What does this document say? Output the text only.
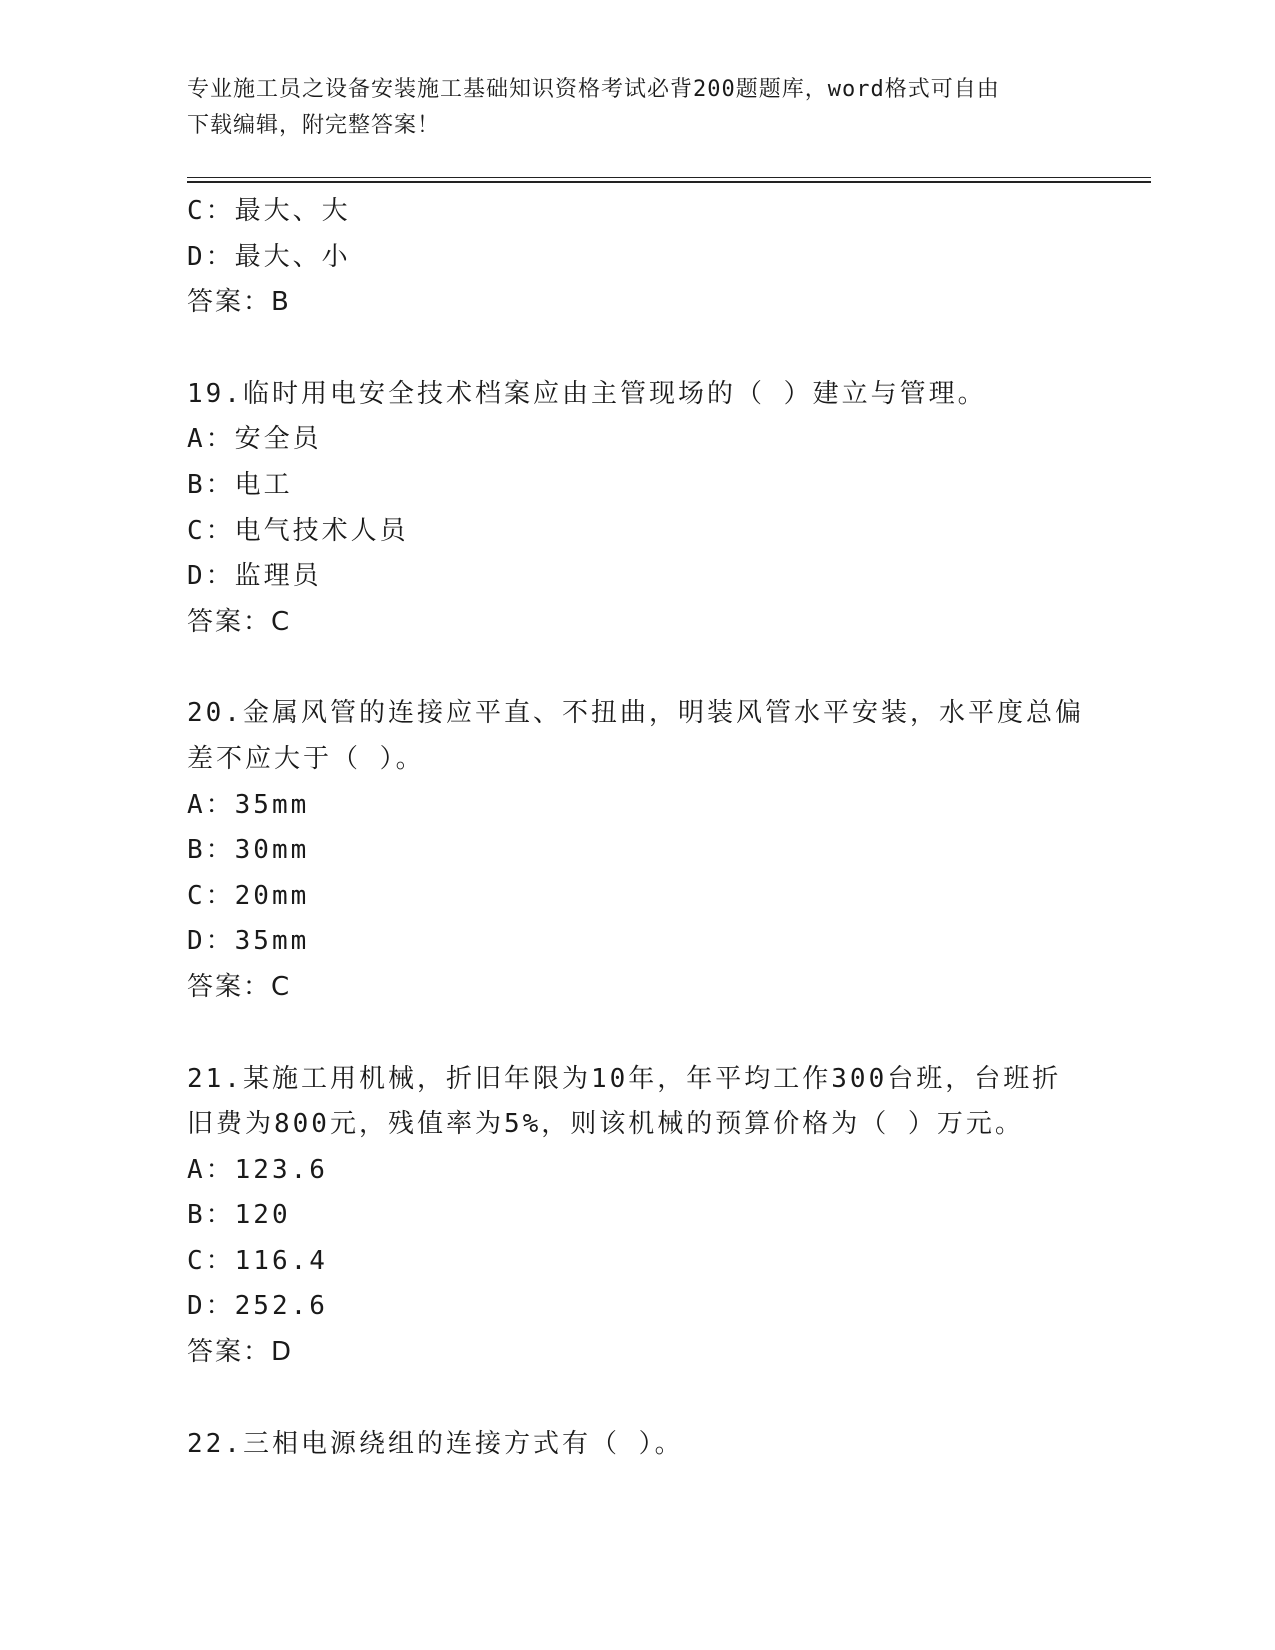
专业施工员之设备安装施工基础知识资格考试必背200题题库，word格式可自由
下载编辑，附完整答案！
C：最大、大
D：最大、小
答案：B
19.临时用电安全技术档案应由主管现场的（ ）建立与管理。
A：安全员
B：电工
C：电气技术人员
D：监理员
答案：C
20.金属风管的连接应平直、不扭曲，明装风管水平安装，水平度总偏
差不应大于（ ）。
A：35mm
B：30mm
C：20mm
D：35mm
答案：C
21.某施工用机械，折旧年限为10年，年平均工作300台班，台班折
旧费为800元，残值率为5%，则该机械的预算价格为（ ）万元。
A：123.6
B：120
C：116.4
D：252.6
答案：D
22.三相电源绕组的连接方式有（ ）。
